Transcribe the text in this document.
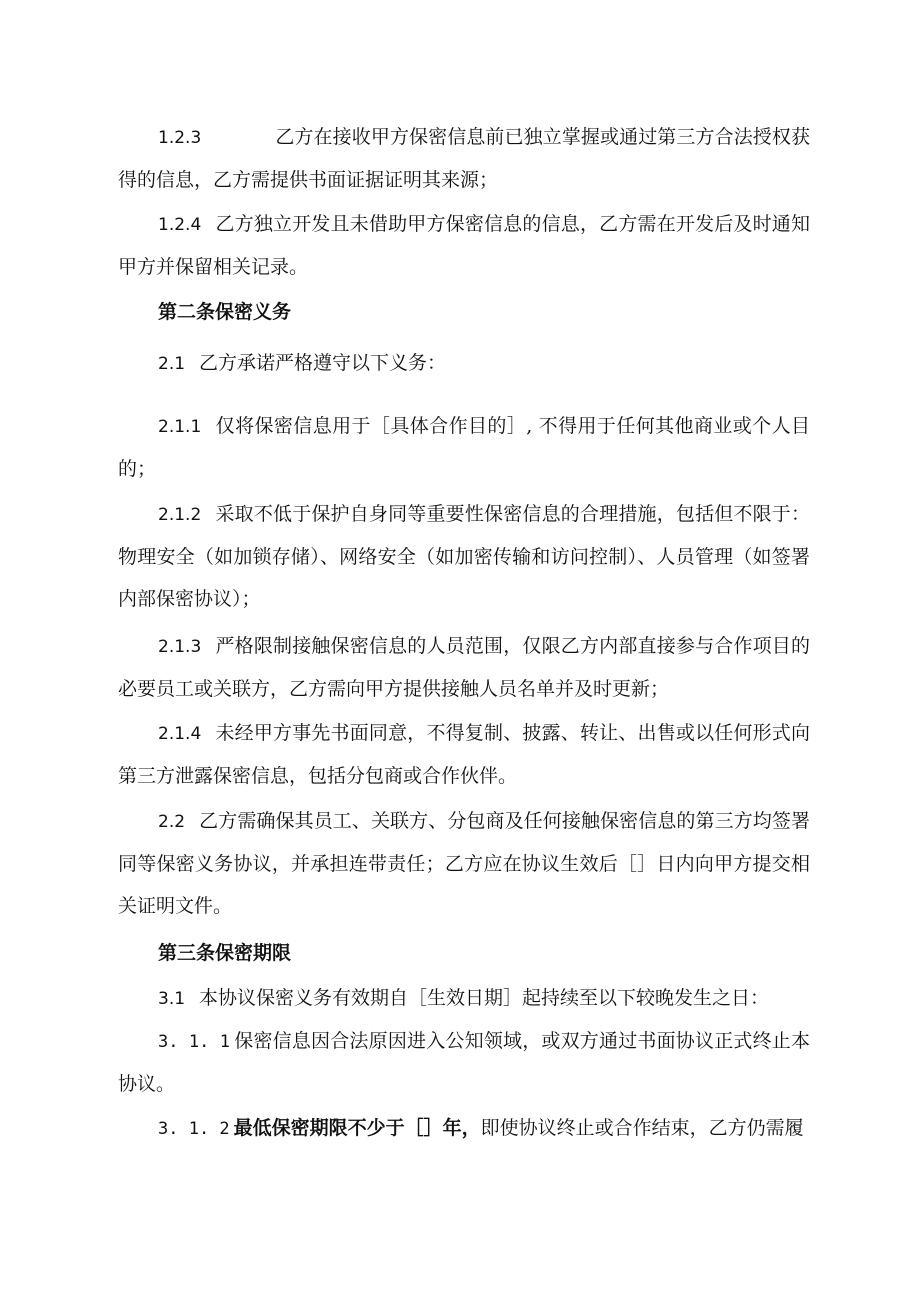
1.2.3	乙方在接收甲方保密信息前已独立掌握或通过第三方合法授权获得的信息，乙方需提供书面证据证明其来源；

1.2.4 乙方独立开发且未借助甲方保密信息的信息，乙方需在开发后及时通知甲方并保留相关记录。

第二条保密义务

2.1 乙方承诺严格遵守以下义务：

2.1.1 仅将保密信息用于［具体合作目的］, 不得用于任何其他商业或个人目的；

2.1.2 采取不低于保护自身同等重要性保密信息的合理措施，包括但不限于：物理安全（如加锁存储）、网络安全（如加密传输和访问控制）、人员管理（如签署内部保密协议）；

2.1.3 严格限制接触保密信息的人员范围，仅限乙方内部直接参与合作项目的必要员工或关联方，乙方需向甲方提供接触人员名单并及时更新；

2.1.4 未经甲方事先书面同意，不得复制、披露、转让、出售或以任何形式向第三方泄露保密信息，包括分包商或合作伙伴。

2.2 乙方需确保其员工、关联方、分包商及任何接触保密信息的第三方均签署同等保密义务协议，并承担连带责任；乙方应在协议生效后［］日内向甲方提交相关证明文件。

第三条保密期限

3.1 本协议保密义务有效期自［生效日期］起持续至以下较晚发生之日：

3. 1. 1 保密信息因合法原因进入公知领域，或双方通过书面协议正式终止本协议。

3. 1. 2 最低保密期限不少于［］年，即使协议终止或合作结束，乙方仍需履
